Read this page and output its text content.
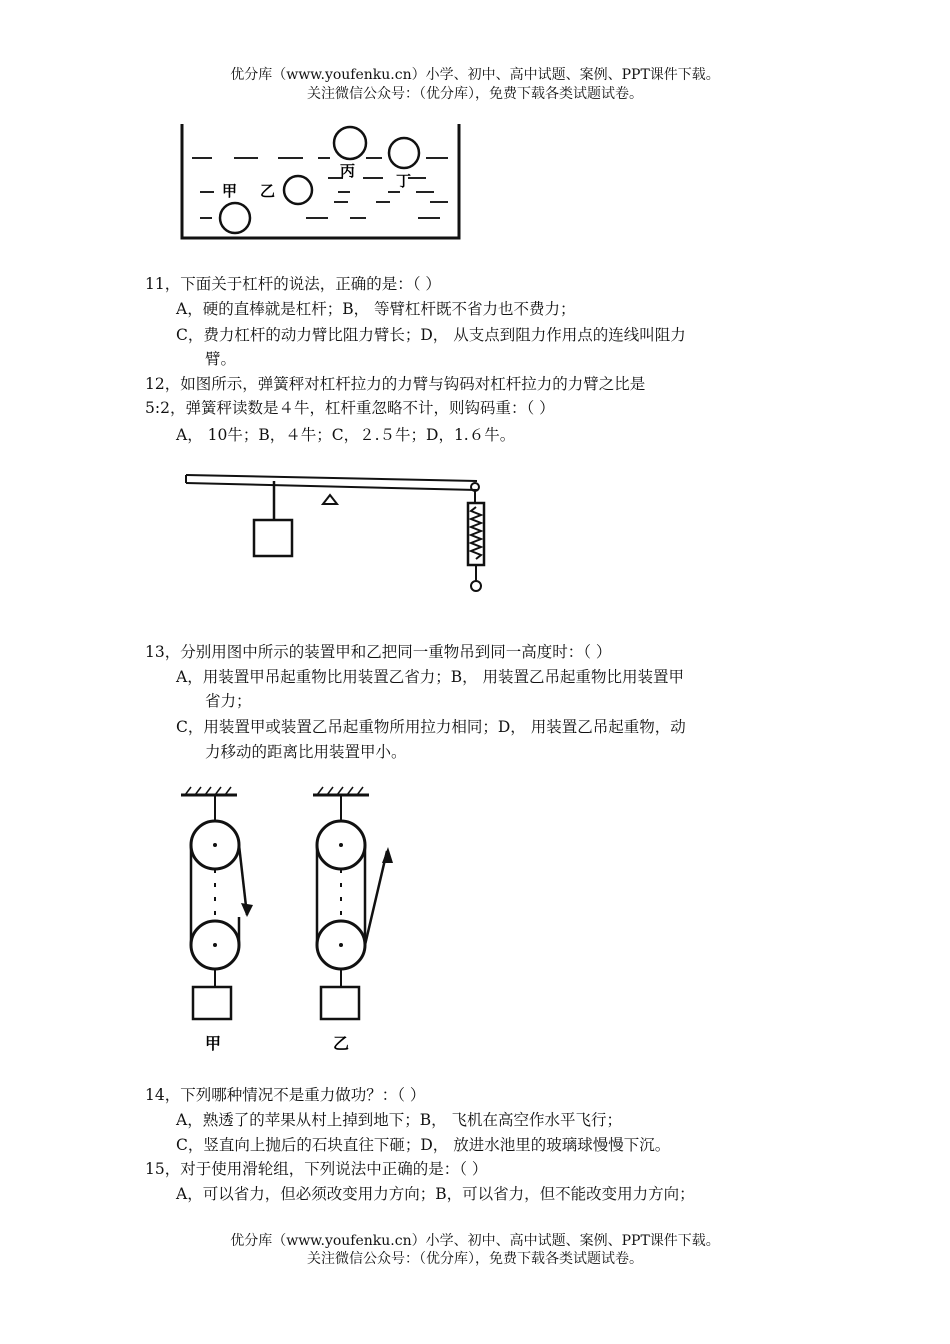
优分库（www.youfenku.cn）小学、初中、高中试题、案例、PPT课件下载。
关注微信公众号：（优分库），免费下载各类试题试卷。
甲 乙
丙
丁
11，下面关于杠杆的说法，正确的是：（ ）
A，硬的直棒就是杠杆；B， 等臂杠杆既不省力也不费力；
C，费力杠杆的动力臂比阻力臂长；D， 从支点到阻力作用点的连线叫阻力
臂。
12，如图所示，弹簧秤对杠杆拉力的力臂与钩码对杠杆拉力的力臂之比是
5:2，弹簧秤读数是４牛，杠杆重忽略不计，则钩码重：（ ）
A， 10牛；B，４牛；C，２.５牛；D，1.６牛。
13，分别用图中所示的装置甲和乙把同一重物吊到同一高度时：（ ）
A，用装置甲吊起重物比用装置乙省力；B， 用装置乙吊起重物比用装置甲
省力；
C，用装置甲或装置乙吊起重物所用拉力相同；D， 用装置乙吊起重物，动
力移动的距离比用装置甲小。
甲	乙
14，下列哪种情况不是重力做功？：（ ）
A，熟透了的苹果从村上掉到地下；B， 飞机在高空作水平飞行；
C，竖直向上抛后的石块直往下砸；D， 放进水池里的玻璃球慢慢下沉。
15，对于使用滑轮组，下列说法中正确的是：（ ）
A，可以省力，但必须改变用力方向；B，可以省力，但不能改变用力方向；
优分库（www.youfenku.cn）小学、初中、高中试题、案例、PPT课件下载。
关注微信公众号：（优分库），免费下载各类试题试卷。
